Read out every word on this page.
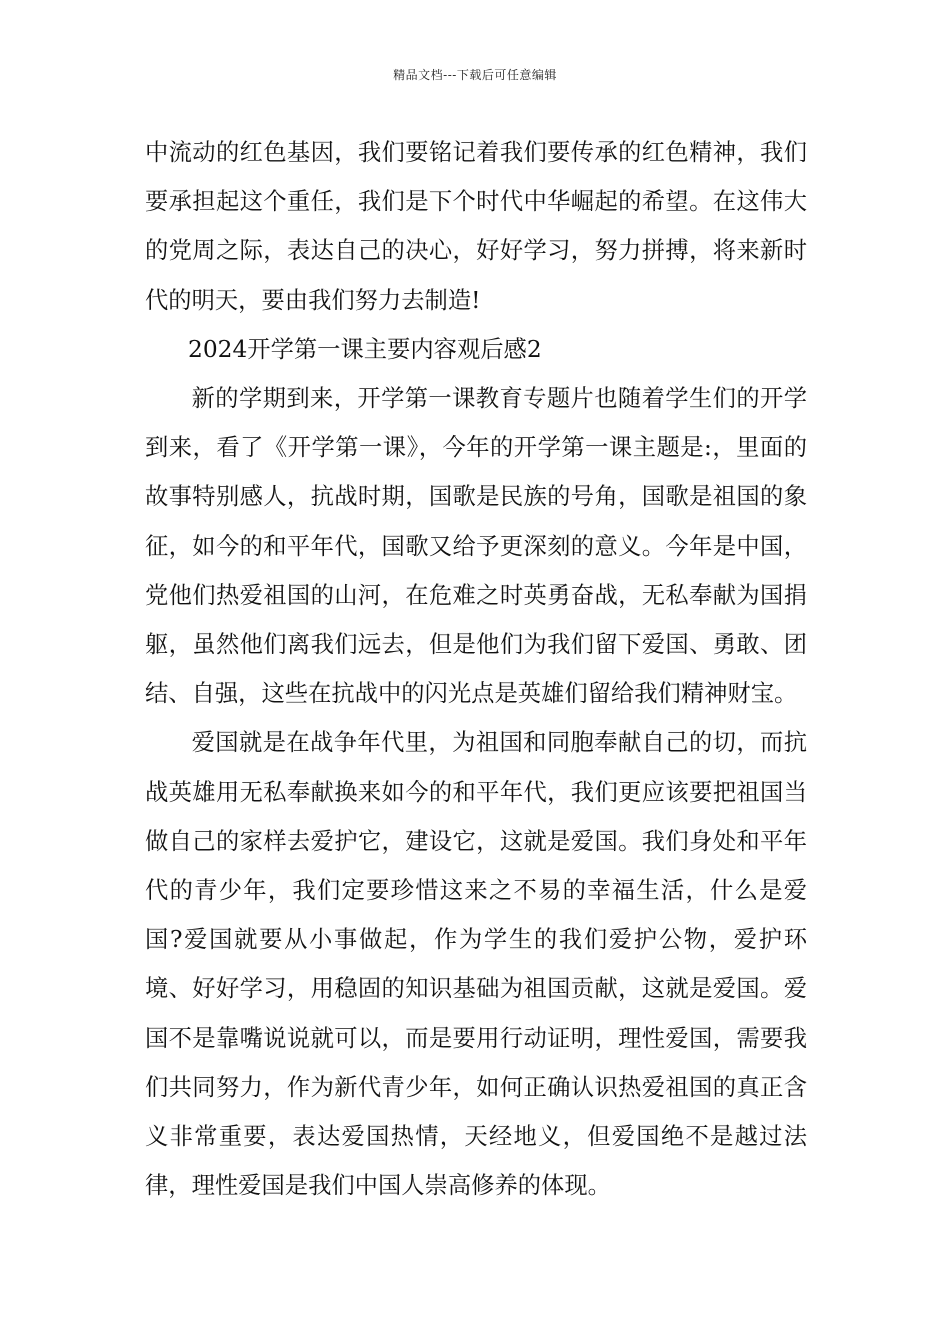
精品文档---下载后可任意编辑

中流动的红色基因，我们要铭记着我们要传承的红色精神，我们要承担起这个重任，我们是下个时代中华崛起的希望。在这伟大的党周之际，表达自己的决心，好好学习，努力拼搏，将来新时代的明天，要由我们努力去制造!

2024开学第一课主要内容观后感2

新的学期到来，开学第一课教育专题片也随着学生们的开学到来，看了《开学第一课》，今年的开学第一课主题是:，里面的故事特别感人，抗战时期，国歌是民族的号角，国歌是祖国的象征，如今的和平年代，国歌又给予更深刻的意义。今年是中国，党他们热爱祖国的山河，在危难之时英勇奋战，无私奉献为国捐躯，虽然他们离我们远去，但是他们为我们留下爱国、勇敢、团结、自强，这些在抗战中的闪光点是英雄们留给我们精神财宝。

爱国就是在战争年代里，为祖国和同胞奉献自己的切，而抗战英雄用无私奉献换来如今的和平年代，我们更应该要把祖国当做自己的家样去爱护它，建设它，这就是爱国。我们身处和平年代的青少年，我们定要珍惜这来之不易的幸福生活，什么是爱国?爱国就要从小事做起，作为学生的我们爱护公物，爱护环境、好好学习，用稳固的知识基础为祖国贡献，这就是爱国。爱国不是靠嘴说说就可以，而是要用行动证明，理性爱国，需要我们共同努力，作为新代青少年，如何正确认识热爱祖国的真正含义非常重要，表达爱国热情，天经地义，但爱国绝不是越过法律，理性爱国是我们中国人崇高修养的体现。
